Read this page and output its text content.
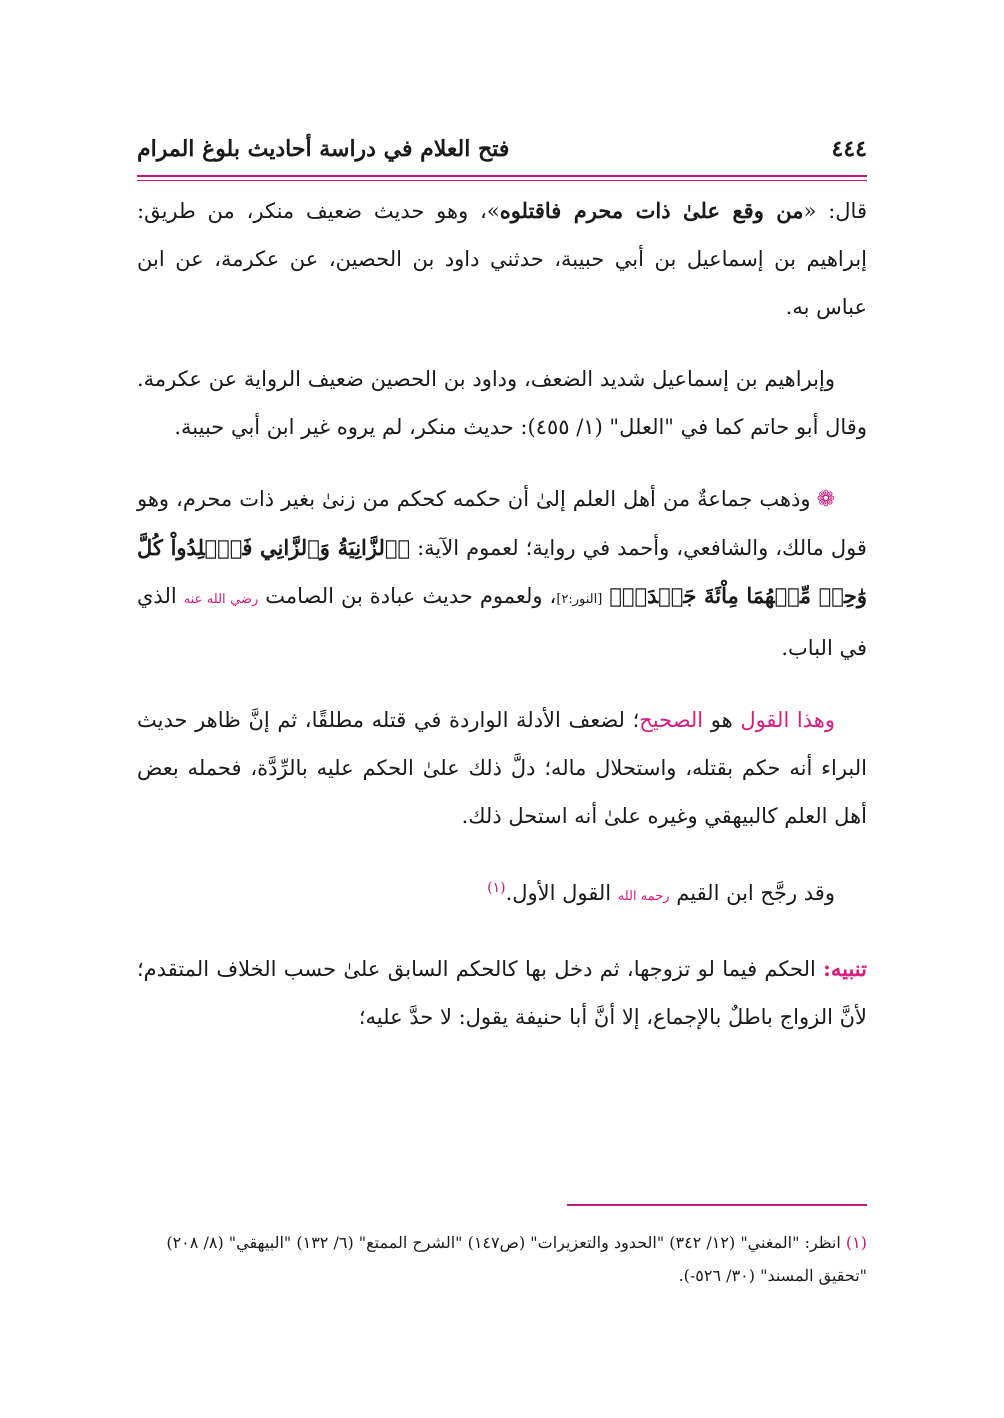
٤٤٤
فتح العلام في دراسة أحاديث بلوغ المرام

قال: «من وقع علىٰ ذات محرم فاقتلوه»، وهو حديث ضعيف منكر، من طريق: إبراهيم بن إسماعيل بن أبي حبيبة، حدثني داود بن الحصين، عن عكرمة، عن ابن عباس به.

وإبراهيم بن إسماعيل شديد الضعف، وداود بن الحصين ضعيف الرواية عن عكرمة. وقال أبو حاتم كما في "العلل" (١/ ٤٥٥): حديث منكر، لم يروه غير ابن أبي حبيبة.

❁وذهب جماعةٌ من أهل العلم إلىٰ أن حكمه كحكم من زنىٰ بغير ذات محرم، وهو قول مالك، والشافعي، وأحمد في رواية؛ لعموم الآية: ﴿ٱلزَّانِيَةُ وَٱلزَّانِي فَٱجۡلِدُواْ كُلَّ وَٰحِدٖ مِّنۡهُمَا مِاْئَةَ جَلۡدَةٖ﴾ [النور:٢]، ولعموم حديث عبادة بن الصامت رضي الله عنه الذي في الباب.

وهذا القول هو الصحيح؛ لضعف الأدلة الواردة في قتله مطلقًا، ثم إنَّ ظاهر حديث البراء أنه حكم بقتله، واستحلال ماله؛ دلَّ ذلك علىٰ الحكم عليه بالرِّدَّة، فحمله بعض أهل العلم كالبيهقي وغيره علىٰ أنه استحل ذلك.

وقد رجَّح ابن القيم رحمه الله القول الأول.$^{(١)}$

تنبيه: الحكم فيما لو تزوجها، ثم دخل بها كالحكم السابق علىٰ حسب الخلاف المتقدم؛ لأنَّ الزواج باطلٌ بالإجماع، إلا أنَّ أبا حنيفة يقول: لا حدَّ عليه؛

(١) انظر: "المغني" (١٢/ ٣٤٢) "الحدود والتعزيرات" (ص١٤٧) "الشرح الممتع" (٦/ ١٣٢) "البيهقي" (٨/ ٢٠٨) "تحقيق المسند" (٣٠/ ٥٢٦-).
